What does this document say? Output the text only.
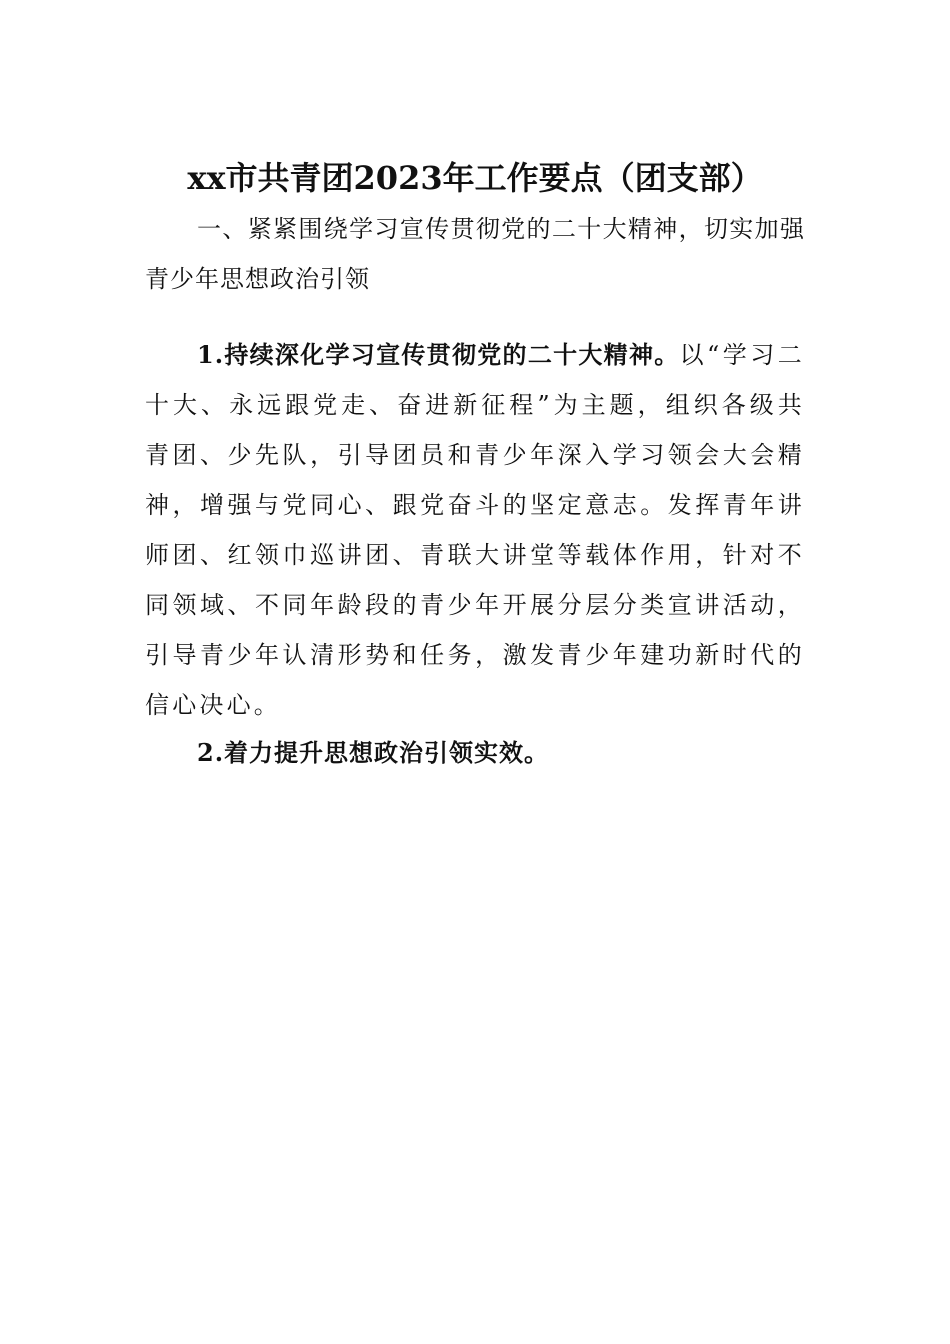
xx市共青团2023年工作要点（团支部）
一、紧紧围绕学习宣传贯彻党的二十大精神，切实加强青少年思想政治引领
1.持续深化学习宣传贯彻党的二十大精神。以“学习二十大、永远跟党走、奋进新征程”为主题，组织各级共青团、少先队，引导团员和青少年深入学习领会大会精神，增强与党同心、跟党奋斗的坚定意志。发挥青年讲师团、红领巾巡讲团、青联大讲堂等载体作用，针对不同领域、不同年龄段的青少年开展分层分类宣讲活动，引导青少年认清形势和任务，激发青少年建功新时代的信心决心。
2.着力提升思想政治引领实效。
